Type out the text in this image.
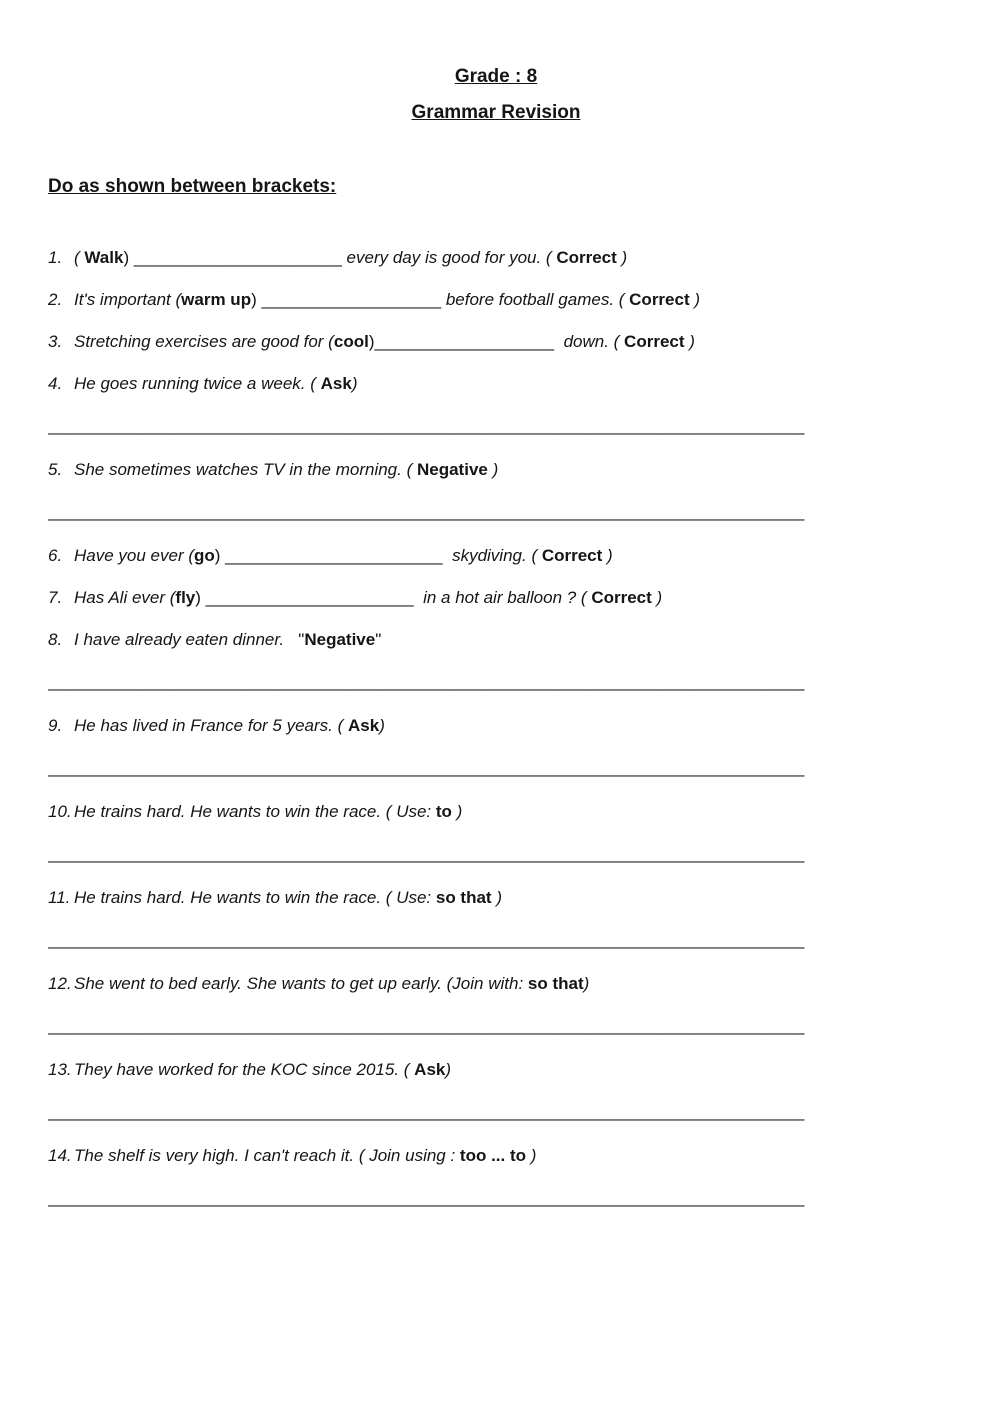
Grade : 8
Grammar Revision
Do as shown between brackets:
1. ( Walk) ______________________ every day is good for you. ( Correct )
2. It's important (warm up) ___________________ before football games. ( Correct )
3. Stretching exercises are good for (cool)___________________  down. ( Correct )
4. He goes running twice a week. ( Ask)
________________________________________________________________________________
5. She sometimes watches TV in the morning. ( Negative )
________________________________________________________________________________
6. Have you ever (go) _______________________  skydiving. ( Correct )
7. Has Ali ever (fly) ______________________  in a hot air balloon ? ( Correct )
8. I have already eaten dinner.   "Negative"
________________________________________________________________________________
9. He has lived in France for 5 years. ( Ask)
________________________________________________________________________________
10. He trains hard. He wants to win the race. ( Use: to )
________________________________________________________________________________
11. He trains hard. He wants to win the race. ( Use: so that )
________________________________________________________________________________
12. She went to bed early. She wants to get up early. (Join with: so that)
________________________________________________________________________________
13. They have worked for the KOC since 2015. ( Ask)
________________________________________________________________________________
14. The shelf is very high. I can't reach it. ( Join using : too ... to )
________________________________________________________________________________
